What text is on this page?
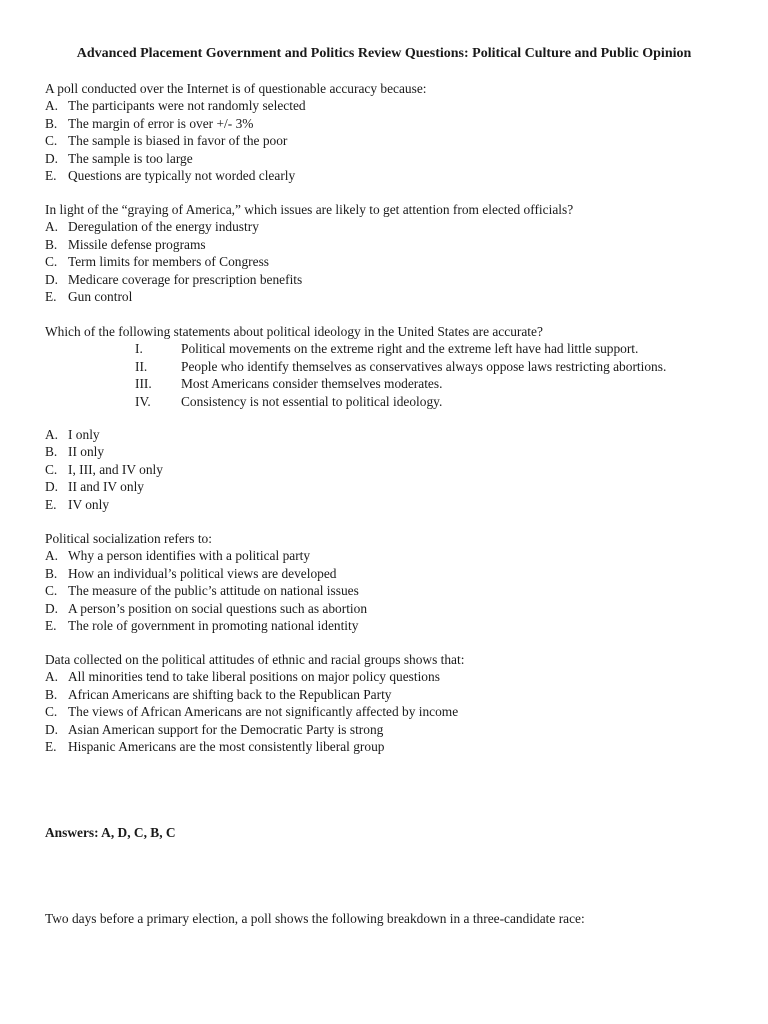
Advanced Placement Government and Politics Review Questions: Political Culture and Public Opinion
A poll conducted over the Internet is of questionable accuracy because:
A. The participants were not randomly selected
B. The margin of error is over +/- 3%
C. The sample is biased in favor of the poor
D. The sample is too large
E. Questions are typically not worded clearly
In light of the “graying of America,” which issues are likely to get attention from elected officials?
A. Deregulation of the energy industry
B. Missile defense programs
C. Term limits for members of Congress
D. Medicare coverage for prescription benefits
E. Gun control
Which of the following statements about political ideology in the United States are accurate?
I.	Political movements on the extreme right and the extreme left have had little support.
II.	People who identify themselves as conservatives always oppose laws restricting abortions.
III.	Most Americans consider themselves moderates.
IV.	Consistency is not essential to political ideology.
A. I only
B. II only
C. I, III, and IV only
D. II and IV only
E. IV only
Political socialization refers to:
A. Why a person identifies with a political party
B. How an individual’s political views are developed
C. The measure of the public’s attitude on national issues
D. A person’s position on social questions such as abortion
E. The role of government in promoting national identity
Data collected on the political attitudes of ethnic and racial groups shows that:
A. All minorities tend to take liberal positions on major policy questions
B. African Americans are shifting back to the Republican Party
C. The views of African Americans are not significantly affected by income
D. Asian American support for the Democratic Party is strong
E. Hispanic Americans are the most consistently liberal group
Answers: A, D, C, B, C
Two days before a primary election, a poll shows the following breakdown in a three-candidate race:
